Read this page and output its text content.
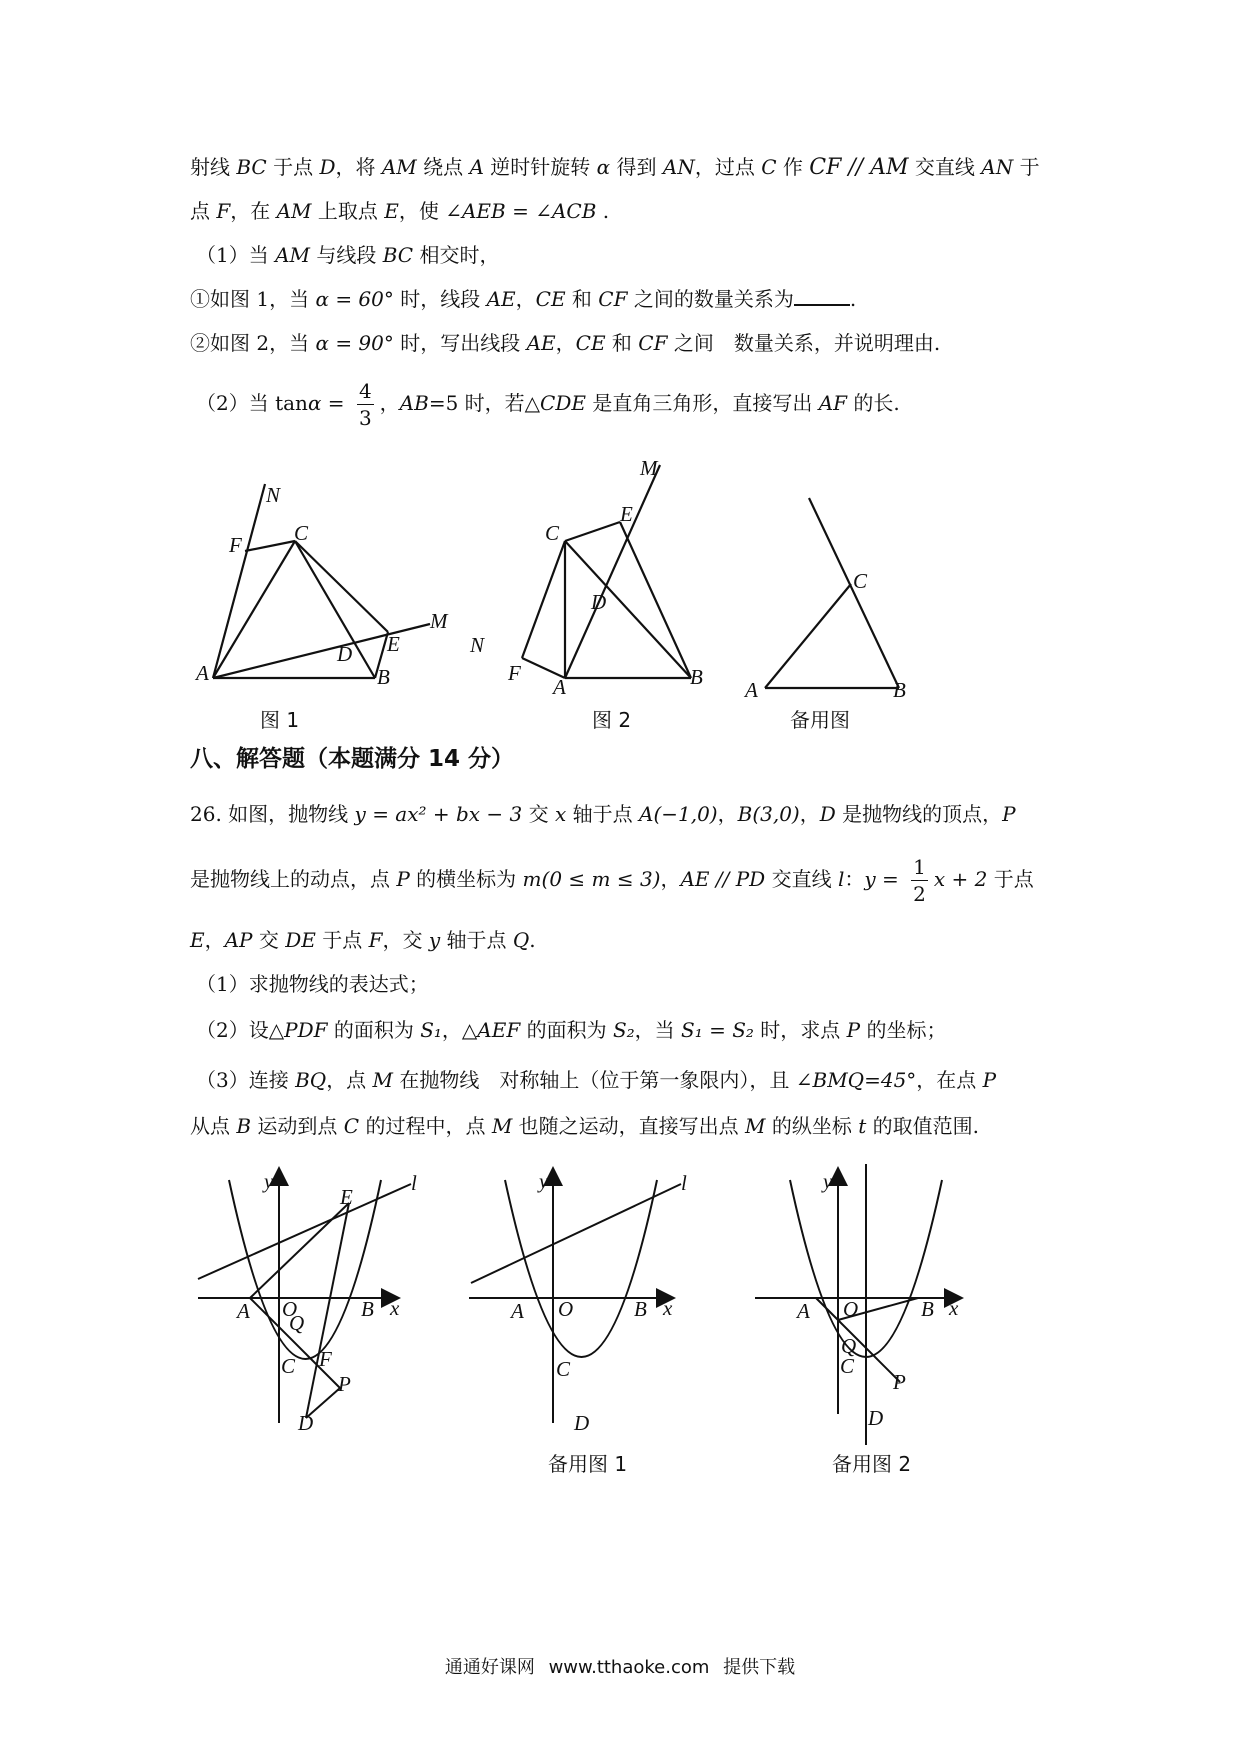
射线 BC 于点 D，将 AM 绕点 A 逆时针旋转 α 得到 AN，过点 C 作 CF // AM 交直线 AN 于
点 F，在 AM 上取点 E，使 ∠AEB = ∠ACB .
（1）当 AM 与线段 BC 相交时，
①如图 1，当 α = 60° 时，线段 AE，CE 和 CF 之间的数量关系为	.
②如图 2，当 α = 90° 时，写出线段 AE，CE 和 CF 之间　数量关系，并说明理由.
（2）当 $\tan\alpha = \frac{4}{3}$ ，AB=5 时，若△CDE 是直角三角形，直接写出 AF 的长.
N
F C
M
D E
A	B
M
E
C
D
N
F
A	B
C
A	B
图 1	图 2	备用图
八、解答题（本题满分 14 分）
26. 如图，抛物线 y = ax² + bx − 3 交 x 轴于点 A(−1,0)，B(3,0)，D 是抛物线的顶点，P
是抛物线上的动点，点 P 的横坐标为 m(0 ≤ m ≤ 3)，AE // PD 交直线 l：$y = \frac{1}{2}$ x + 2 于点
E，AP 交 DE 于点 F，交 y 轴于点 Q.
（1）求抛物线的表达式；
（2）设△PDF 的面积为 S₁，△AEF 的面积为 S₂，当 S₁ = S₂ 时，求点 P 的坐标；
（3）连接 BQ，点 M 在抛物线　对称轴上（位于第一象限内），且 ∠BMQ=45°，在点 P
从点 B 运动到点 C 的过程中，点 M 也随之运动，直接写出点 M 的纵坐标 t 的取值范围.
y
x
l
E
A O
Q
B
C F
P
D
y
x
l
A O	B
C
D
y
x
A O	B
Q
C
P
D
备用图 1	备用图 2
通通好课网 www.tthaoke.com 提供下载
